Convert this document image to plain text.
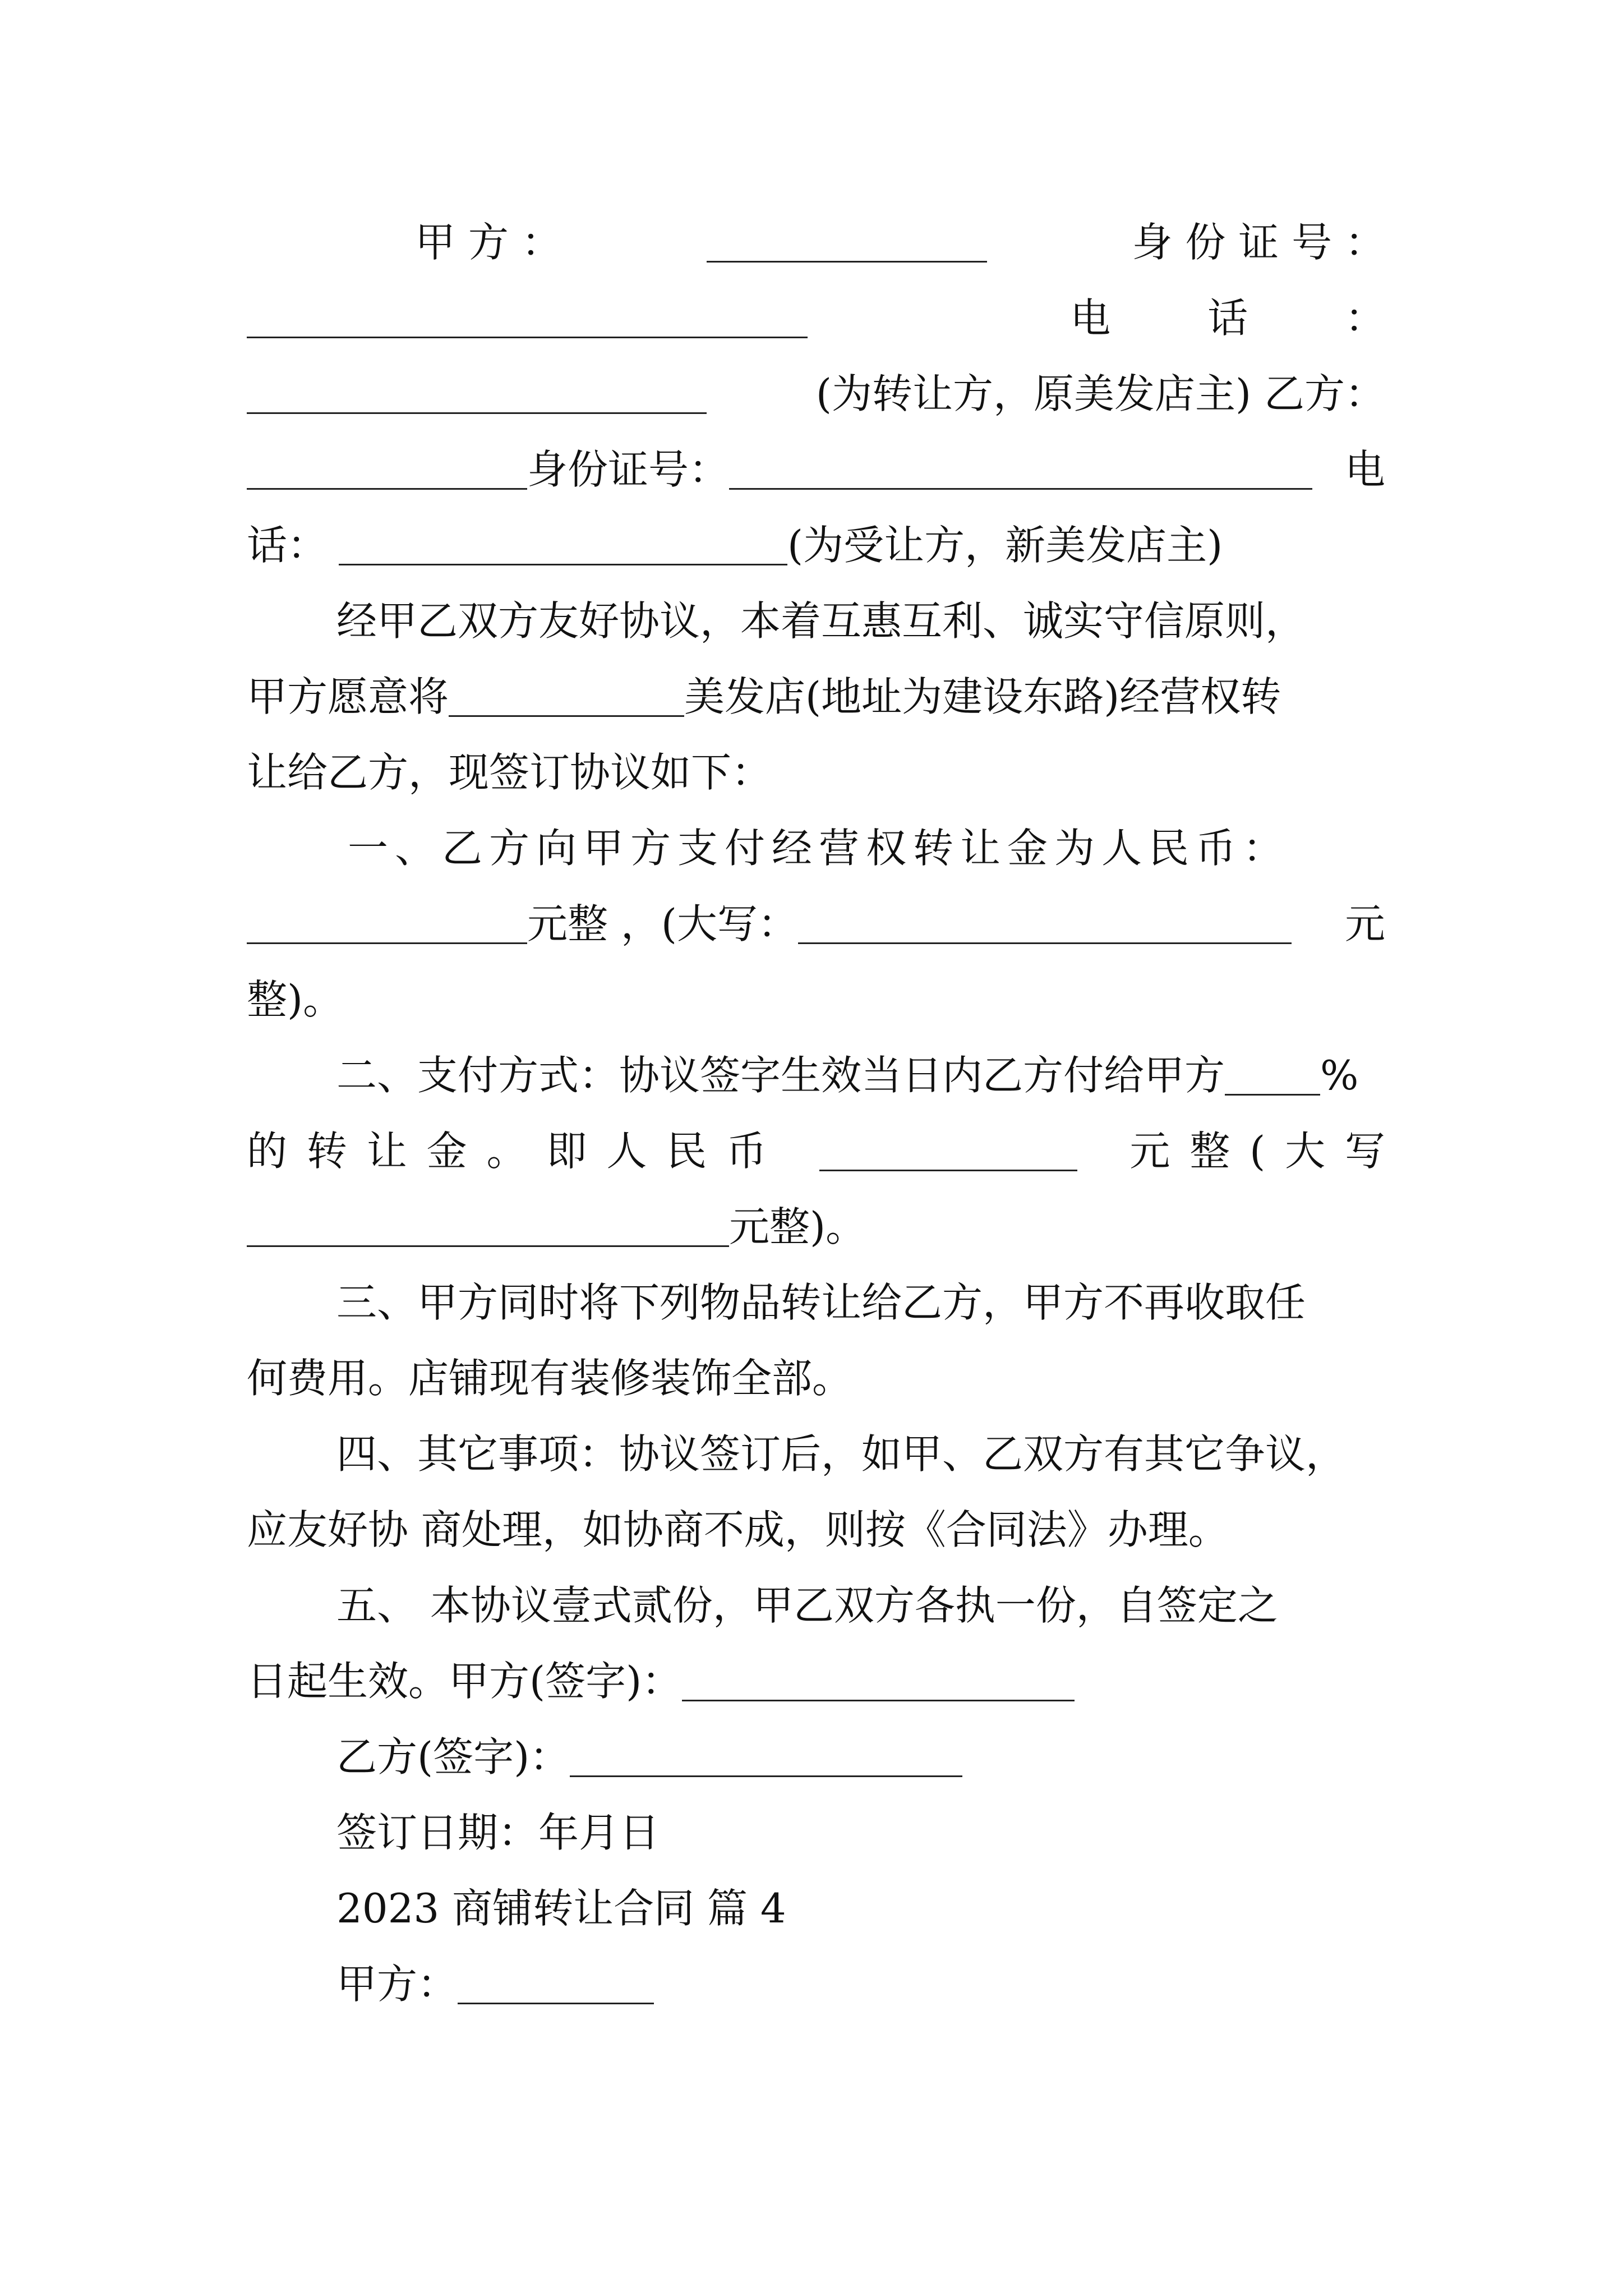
甲 方 ：	身 份 证 号 ：
电 话 ：
(为转让方，原美发店主) 乙方：
身份证号：	电
话：	(为受让方，新美发店主)
经甲乙双方友好协议，本着互惠互利、诚实守信原则，
甲方愿意将	美发店(地址为建设东路)经营权转
让给乙方，现签订协议如下：
一、乙方向甲方支付经营权转让金为人民币：
元整 ，(大写：	元
整)。
二、支付方式：协议签字生效当日内乙方付给甲方 %
的 转 让 金 。 即 人 民 币	元 整 ( 大 写
元整)。
三、甲方同时将下列物品转让给乙方，甲方不再收取任
何费用。店铺现有装修装饰全部。
四、其它事项：协议签订后，如甲、乙双方有其它争议，
应友好协 商处理，如协商不成，则按《合同法》办理。
五、 本协议壹式贰份，甲乙双方各执一份，自签定之
日起生效。甲方(签字)：
乙方(签字)：
签订日期：年月日
2023 商铺转让合同 篇 4
甲方：
